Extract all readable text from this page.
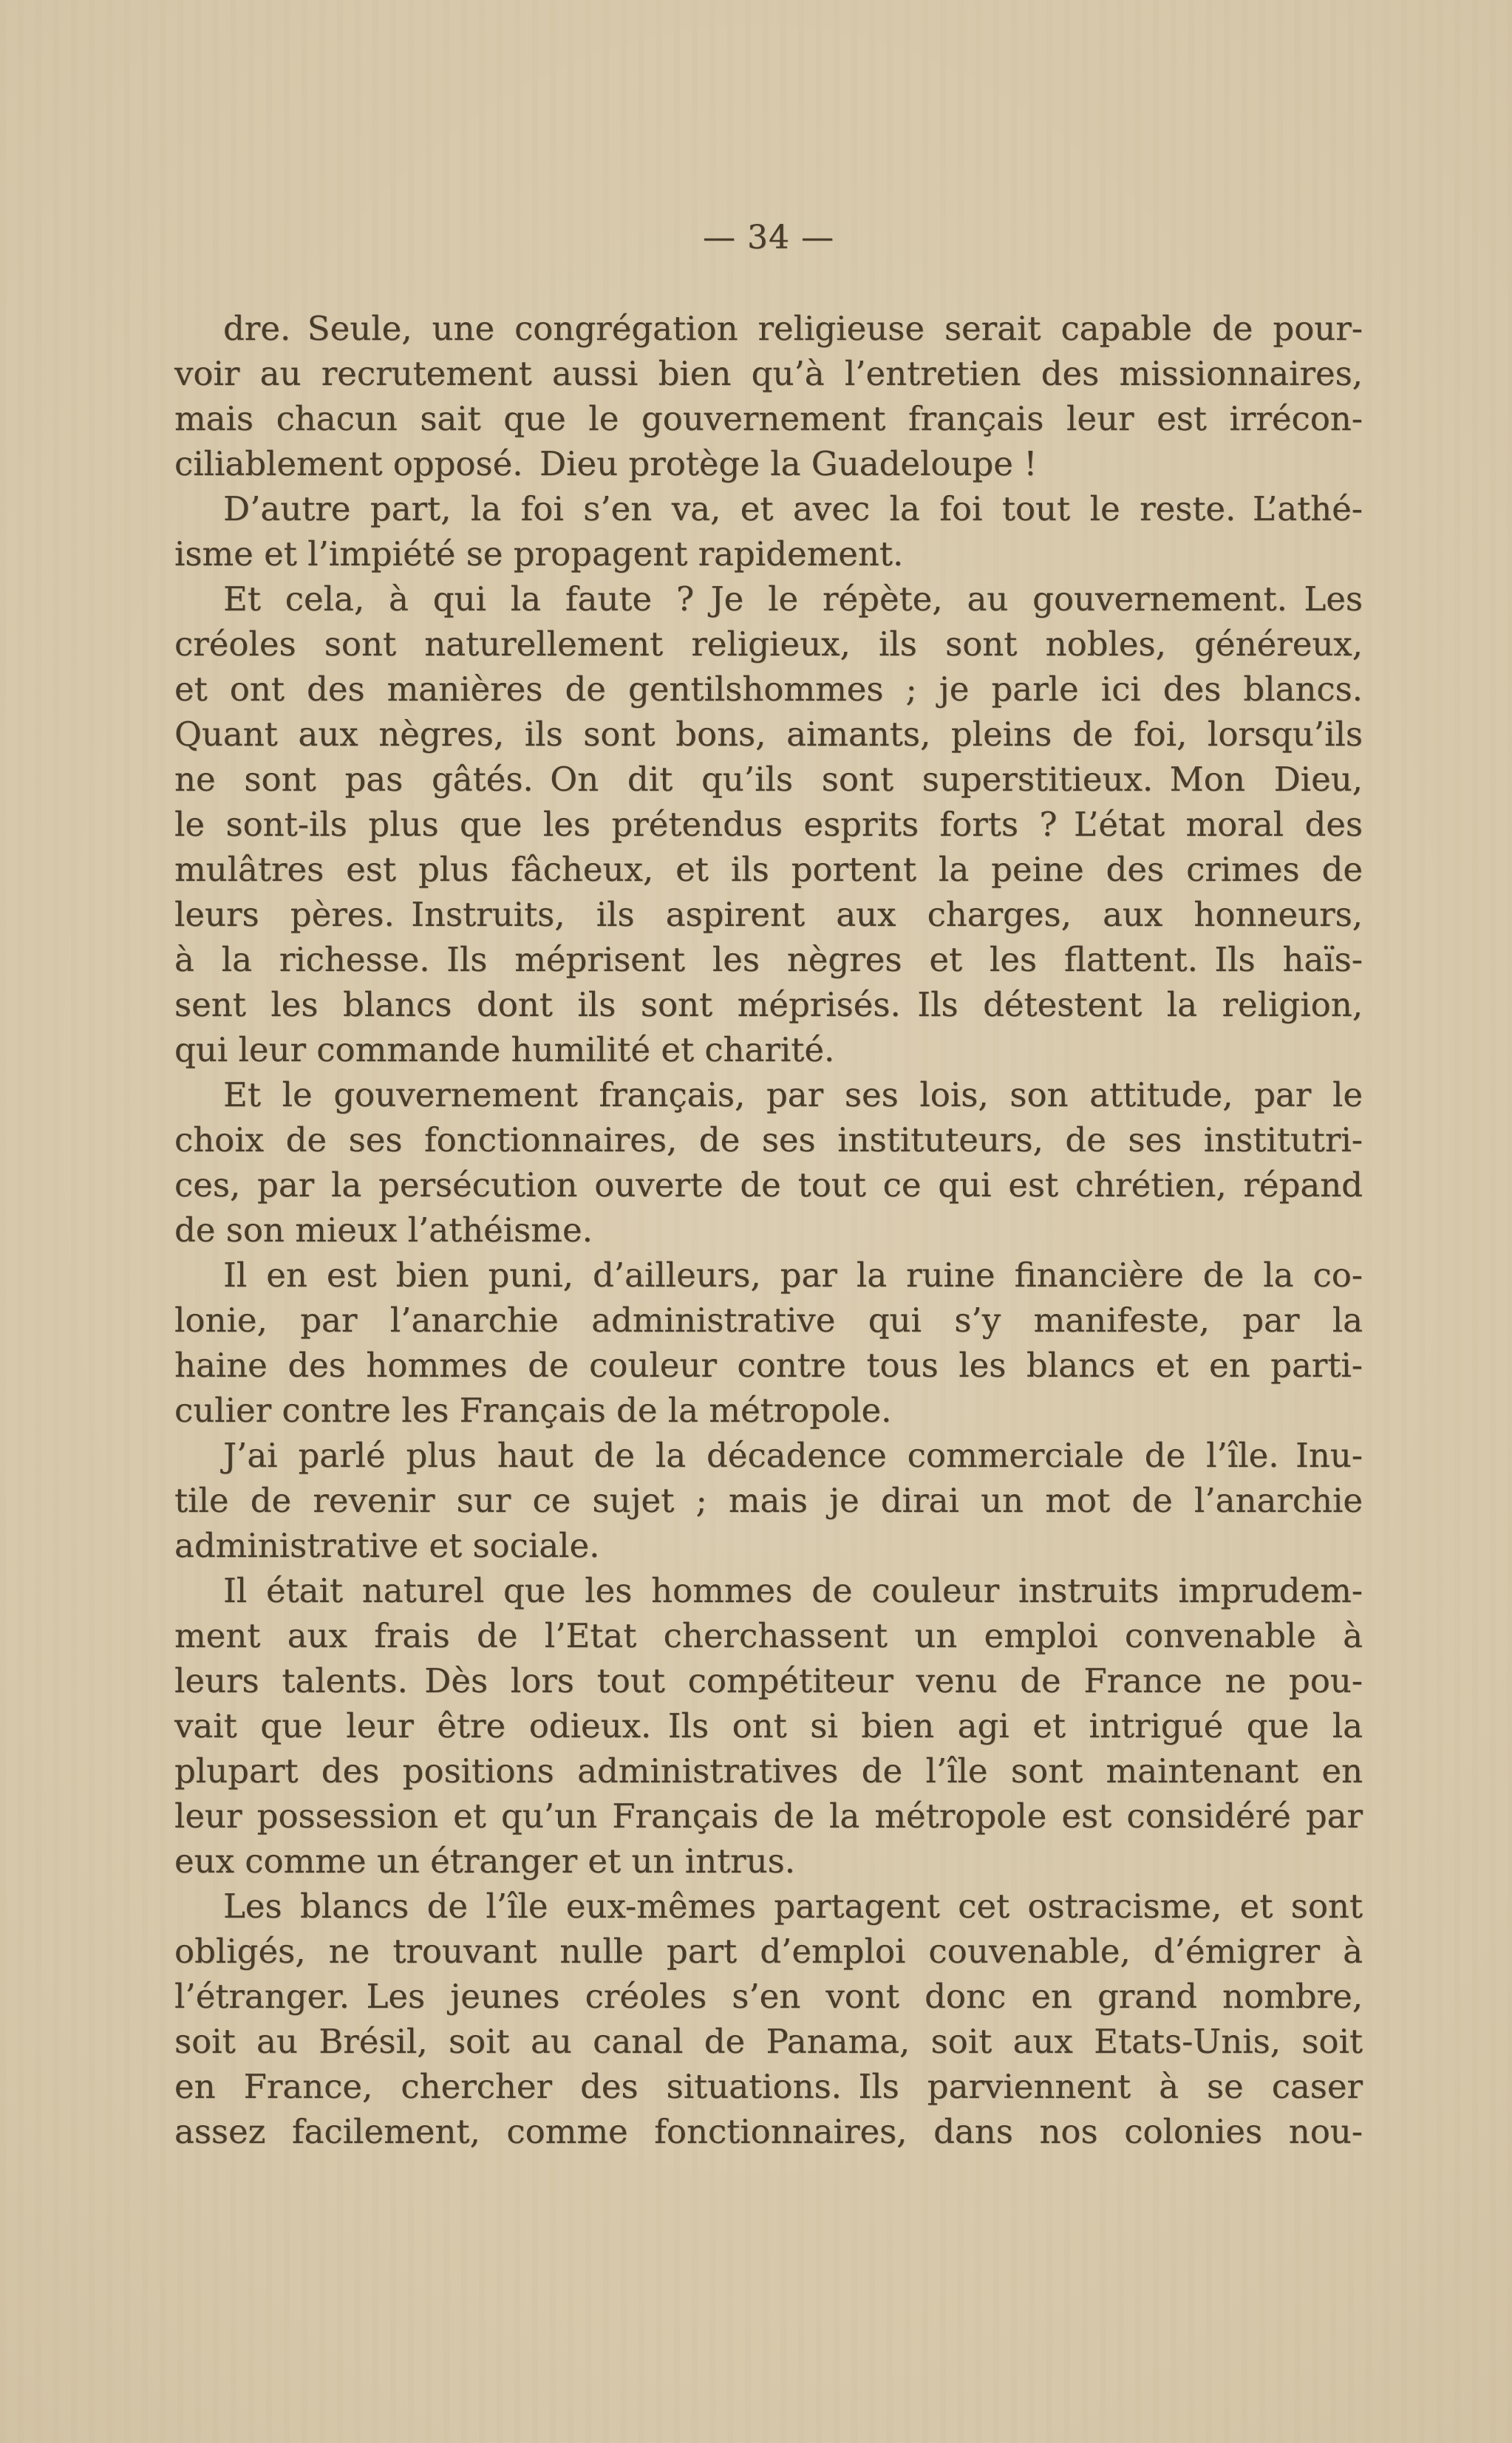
— 34 —

dre. Seule, une congrégation religieuse serait capable de pour-
voir au recrutement aussi bien qu’à l’entretien des missionnaires,
mais chacun sait que le gouvernement français leur est irrécon-
ciliablement opposé. Dieu protège la Guadeloupe !

D’autre part, la foi s’en va, et avec la foi tout le reste. L’athé-
isme et l’impiété se propagent rapidement.

Et cela, à qui la faute ? Je le répète, au gouvernement. Les
créoles sont naturellement religieux, ils sont nobles, généreux,
et ont des manières de gentilshommes ; je parle ici des blancs.
Quant aux nègres, ils sont bons, aimants, pleins de foi, lorsqu’ils
ne sont pas gâtés. On dit qu’ils sont superstitieux. Mon Dieu,
le sont-ils plus que les prétendus esprits forts ? L’état moral des
mulâtres est plus fâcheux, et ils portent la peine des crimes de
leurs pères. Instruits, ils aspirent aux charges, aux honneurs,
à la richesse. Ils méprisent les nègres et les flattent. Ils haïs-
sent les blancs dont ils sont méprisés. Ils détestent la religion,
qui leur commande humilité et charité.

Et le gouvernement français, par ses lois, son attitude, par le
choix de ses fonctionnaires, de ses instituteurs, de ses institutri-
ces, par la persécution ouverte de tout ce qui est chrétien, répand
de son mieux l’athéisme.

Il en est bien puni, d’ailleurs, par la ruine financière de la co-
lonie, par l’anarchie administrative qui s’y manifeste, par la
haine des hommes de couleur contre tous les blancs et en parti-
culier contre les Français de la métropole.

J’ai parlé plus haut de la décadence commerciale de l’île. Inu-
tile de revenir sur ce sujet ; mais je dirai un mot de l’anarchie
administrative et sociale.

Il était naturel que les hommes de couleur instruits imprudem-
ment aux frais de l’Etat cherchassent un emploi convenable à
leurs talents. Dès lors tout compétiteur venu de France ne pou-
vait que leur être odieux. Ils ont si bien agi et intrigué que la
plupart des positions administratives de l’île sont maintenant en
leur possession et qu’un Français de la métropole est considéré par
eux comme un étranger et un intrus.

Les blancs de l’île eux-mêmes partagent cet ostracisme, et sont
obligés, ne trouvant nulle part d’emploi couvenable, d’émigrer à
l’étranger. Les jeunes créoles s’en vont donc en grand nombre,
soit au Brésil, soit au canal de Panama, soit aux Etats-Unis, soit
en France, chercher des situations. Ils parviennent à se caser
assez facilement, comme fonctionnaires, dans nos colonies nou-
